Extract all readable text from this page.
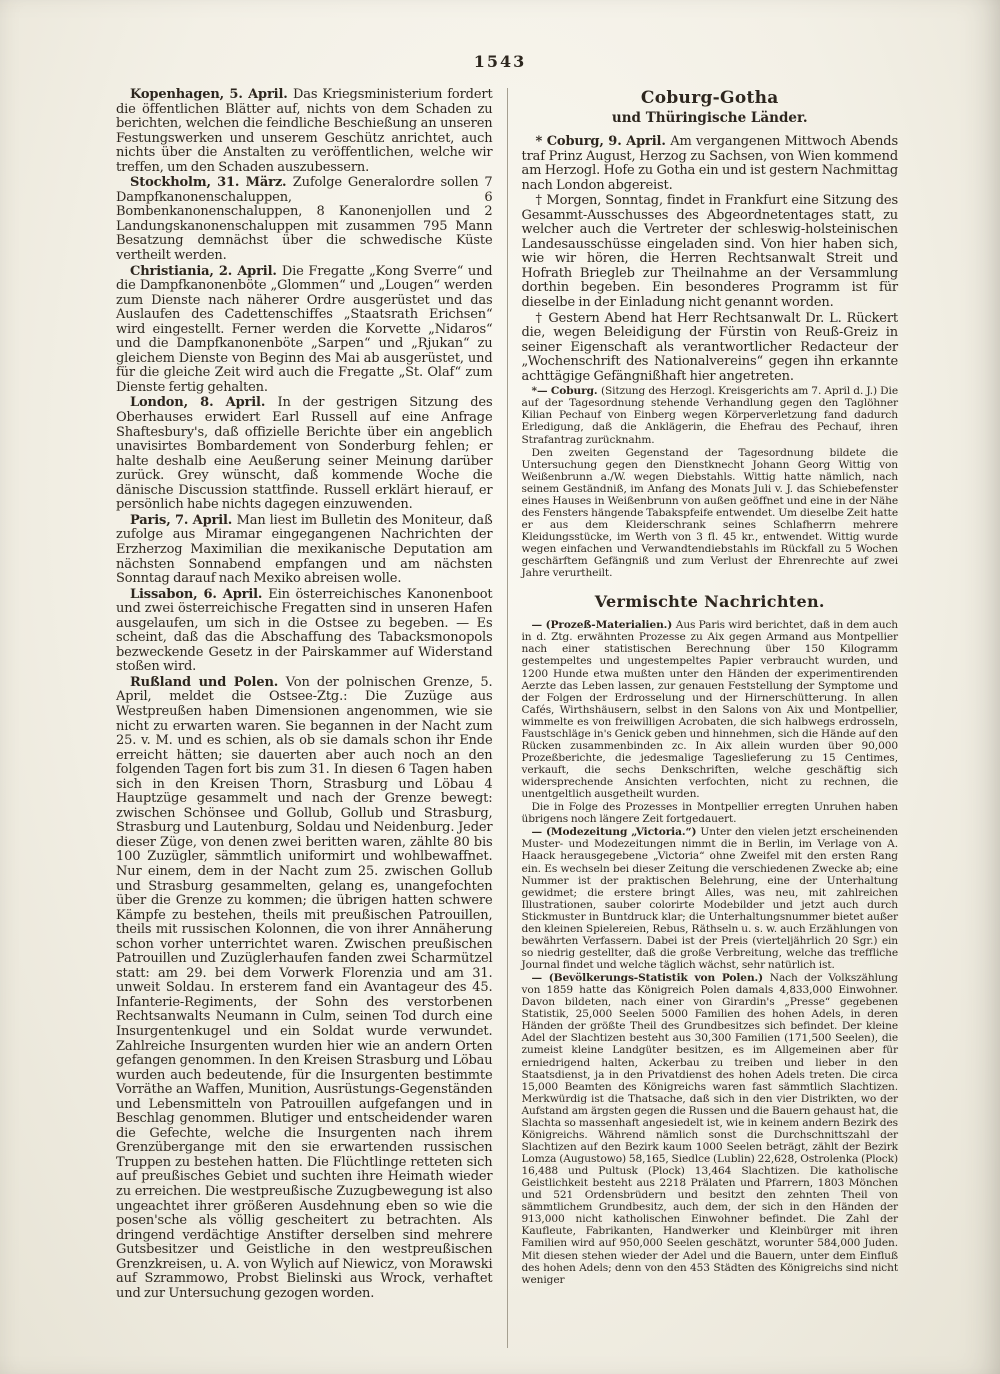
1543

Kopenhagen, 5. April. Das Kriegsministerium fordert die öffentlichen Blätter auf, nichts von dem Schaden zu berichten, welchen die feindliche Beschießung an unseren Festungswerken und unserem Geschütz anrichtet, auch nichts über die Anstalten zu veröffentlichen, welche wir treffen, um den Schaden auszubessern.

Stockholm, 31. März. Zufolge Generalordre sollen 7 Dampfkanonenschaluppen, 6 Bombenkanonenschaluppen, 8 Kanonenjollen und 2 Landungskanonenschaluppen mit zusammen 795 Mann Besatzung demnächst über die schwedische Küste vertheilt werden.

Christiania, 2. April. Die Fregatte „Kong Sverre“ und die Dampfkanonenböte „Glommen“ und „Lougen“ werden zum Dienste nach näherer Ordre ausgerüstet und das Auslaufen des Cadettenschiffes „Staatsrath Erichsen“ wird eingestellt. Ferner werden die Korvette „Nidaros“ und die Dampfkanonenböte „Sarpen“ und „Rjukan“ zu gleichem Dienste von Beginn des Mai ab ausgerüstet, und für die gleiche Zeit wird auch die Fregatte „St. Olaf“ zum Dienste fertig gehalten.

London, 8. April. In der gestrigen Sitzung des Oberhauses erwidert Earl Russell auf eine Anfrage Shaftesbury's, daß offizielle Berichte über ein angeblich unavisirtes Bombardement von Sonderburg fehlen; er halte deshalb eine Aeußerung seiner Meinung darüber zurück. Grey wünscht, daß kommende Woche die dänische Discussion stattfinde. Russell erklärt hierauf, er persönlich habe nichts dagegen einzuwenden.

Paris, 7. April. Man liest im Bulletin des Moniteur, daß zufolge aus Miramar eingegangenen Nachrichten der Erzherzog Maximilian die mexikanische Deputation am nächsten Sonnabend empfangen und am nächsten Sonntag darauf nach Mexiko abreisen wolle.

Lissabon, 6. April. Ein österreichisches Kanonenboot und zwei österreichische Fregatten sind in unseren Hafen ausgelaufen, um sich in die Ostsee zu begeben. — Es scheint, daß das die Abschaffung des Tabacksmonopols bezweckende Gesetz in der Pairskammer auf Widerstand stoßen wird.

Rußland und Polen. Von der polnischen Grenze, 5. April, meldet die Ostsee-Ztg.: Die Zuzüge aus Westpreußen haben Dimensionen angenommen, wie sie nicht zu erwarten waren. Sie begannen in der Nacht zum 25. v. M. und es schien, als ob sie damals schon ihr Ende erreicht hätten; sie dauerten aber auch noch an den folgenden Tagen fort bis zum 31. In diesen 6 Tagen haben sich in den Kreisen Thorn, Strasburg und Löbau 4 Hauptzüge gesammelt und nach der Grenze bewegt: zwischen Schönsee und Gollub, Gollub und Strasburg, Strasburg und Lautenburg, Soldau und Neidenburg. Jeder dieser Züge, von denen zwei beritten waren, zählte 80 bis 100 Zuzügler, sämmtlich uniformirt und wohlbewaffnet. Nur einem, dem in der Nacht zum 25. zwischen Gollub und Strasburg gesammelten, gelang es, unangefochten über die Grenze zu kommen; die übrigen hatten schwere Kämpfe zu bestehen, theils mit preußischen Patrouillen, theils mit russischen Kolonnen, die von ihrer Annäherung schon vorher unterrichtet waren. Zwischen preußischen Patrouillen und Zuzüglerhaufen fanden zwei Scharmützel statt: am 29. bei dem Vorwerk Florenzia und am 31. unweit Soldau. In ersterem fand ein Avantageur des 45. Infanterie-Regiments, der Sohn des verstorbenen Rechtsanwalts Neumann in Culm, seinen Tod durch eine Insurgentenkugel und ein Soldat wurde verwundet. Zahlreiche Insurgenten wurden hier wie an andern Orten gefangen genommen. In den Kreisen Strasburg und Löbau wurden auch bedeutende, für die Insurgenten bestimmte Vorräthe an Waffen, Munition, Ausrüstungs-Gegenständen und Lebensmitteln von Patrouillen aufgefangen und in Beschlag genommen. Blutiger und entscheidender waren die Gefechte, welche die Insurgenten nach ihrem Grenzübergange mit den sie erwartenden russischen Truppen zu bestehen hatten. Die Flüchtlinge retteten sich auf preußisches Gebiet und suchten ihre Heimath wieder zu erreichen. Die westpreußische Zuzugbewegung ist also ungeachtet ihrer größeren Ausdehnung eben so wie die posen'sche als völlig gescheitert zu betrachten. Als dringend verdächtige Anstifter derselben sind mehrere Gutsbesitzer und Geistliche in den westpreußischen Grenzkreisen, u. A. von Wylich auf Niewicz, von Morawski auf Szrammowo, Probst Bielinski aus Wrock, verhaftet und zur Untersuchung gezogen worden.

Coburg-Gotha
und Thüringische Länder.

* Coburg, 9. April. Am vergangenen Mittwoch Abends traf Prinz August, Herzog zu Sachsen, von Wien kommend am Herzogl. Hofe zu Gotha ein und ist gestern Nachmittag nach London abgereist.

† Morgen, Sonntag, findet in Frankfurt eine Sitzung des Gesammt-Ausschusses des Abgeordnetentages statt, zu welcher auch die Vertreter der schleswig-holsteinischen Landesausschüsse eingeladen sind. Von hier haben sich, wie wir hören, die Herren Rechtsanwalt Streit und Hofrath Briegleb zur Theilnahme an der Versammlung dorthin begeben. Ein besonderes Programm ist für dieselbe in der Einladung nicht genannt worden.

† Gestern Abend hat Herr Rechtsanwalt Dr. L. Rückert die, wegen Beleidigung der Fürstin von Reuß-Greiz in seiner Eigenschaft als verantwortlicher Redacteur der „Wochenschrift des Nationalvereins“ gegen ihn erkannte achttägige Gefängnißhaft hier angetreten.

*— Coburg. (Sitzung des Herzogl. Kreisgerichts am 7. April d. J.) Die auf der Tagesordnung stehende Verhandlung gegen den Taglöhner Kilian Pechauf von Einberg wegen Körperverletzung fand dadurch Erledigung, daß die Anklägerin, die Ehefrau des Pechauf, ihren Strafantrag zurücknahm.

Den zweiten Gegenstand der Tagesordnung bildete die Untersuchung gegen den Dienstknecht Johann Georg Wittig von Weißenbrunn a./W. wegen Diebstahls. Wittig hatte nämlich, nach seinem Geständniß, im Anfang des Monats Juli v. J. das Schiebefenster eines Hauses in Weißenbrunn von außen geöffnet und eine in der Nähe des Fensters hängende Tabakspfeife entwendet. Um dieselbe Zeit hatte er aus dem Kleiderschrank seines Schlafherrn mehrere Kleidungsstücke, im Werth von 3 fl. 45 kr., entwendet. Wittig wurde wegen einfachen und Verwandtendiebstahls im Rückfall zu 5 Wochen geschärftem Gefängniß und zum Verlust der Ehrenrechte auf zwei Jahre verurtheilt.

Vermischte Nachrichten.

— (Prozeß-Materialien.) Aus Paris wird berichtet, daß in dem auch in d. Ztg. erwähnten Prozesse zu Aix gegen Armand aus Montpellier nach einer statistischen Berechnung über 150 Kilogramm gestempeltes und ungestempeltes Papier verbraucht wurden, und 1200 Hunde etwa mußten unter den Händen der experimentirenden Aerzte das Leben lassen, zur genauen Feststellung der Symptome und der Folgen der Erdrosselung und der Hirnerschütterung. In allen Cafés, Wirthshäusern, selbst in den Salons von Aix und Montpellier, wimmelte es von freiwilligen Acrobaten, die sich halbwegs erdrosseln, Faustschläge in's Genick geben und hinnehmen, sich die Hände auf den Rücken zusammenbinden zc. In Aix allein wurden über 90,000 Prozeßberichte, die jedesmalige Tageslieferung zu 15 Centimes, verkauft, die sechs Denkschriften, welche geschäftig sich widersprechende Ansichten verfochten, nicht zu rechnen, die unentgeltlich ausgetheilt wurden.

Die in Folge des Prozesses in Montpellier erregten Unruhen haben übrigens noch längere Zeit fortgedauert.

— (Modezeitung „Victoria.“) Unter den vielen jetzt erscheinenden Muster- und Modezeitungen nimmt die in Berlin, im Verlage von A. Haack herausgegebene „Victoria“ ohne Zweifel mit den ersten Rang ein. Es wechseln bei dieser Zeitung die verschiedenen Zwecke ab; eine Nummer ist der praktischen Belehrung, eine der Unterhaltung gewidmet; die erstere bringt Alles, was neu, mit zahlreichen Illustrationen, sauber colorirte Modebilder und jetzt auch durch Stickmuster in Buntdruck klar; die Unterhaltungsnummer bietet außer den kleinen Spielereien, Rebus, Räthseln u. s. w. auch Erzählungen von bewährten Verfassern. Dabei ist der Preis (vierteljährlich 20 Sgr.) ein so niedrig gestellter, daß die große Verbreitung, welche das treffliche Journal findet und welche täglich wächst, sehr natürlich ist.

— (Bevölkerungs-Statistik von Polen.) Nach der Volkszählung von 1859 hatte das Königreich Polen damals 4,833,000 Einwohner. Davon bildeten, nach einer von Girardin's „Presse“ gegebenen Statistik, 25,000 Seelen 5000 Familien des hohen Adels, in deren Händen der größte Theil des Grundbesitzes sich befindet. Der kleine Adel der Slachtizen besteht aus 30,300 Familien (171,500 Seelen), die zumeist kleine Landgüter besitzen, es im Allgemeinen aber für erniedrigend halten, Ackerbau zu treiben und lieber in den Staatsdienst, ja in den Privatdienst des hohen Adels treten. Die circa 15,000 Beamten des Königreichs waren fast sämmtlich Slachtizen. Merkwürdig ist die Thatsache, daß sich in den vier Distrikten, wo der Aufstand am ärgsten gegen die Russen und die Bauern gehaust hat, die Slachta so massenhaft angesiedelt ist, wie in keinem andern Bezirk des Königreichs. Während nämlich sonst die Durchschnittszahl der Slachtizen auf den Bezirk kaum 1000 Seelen beträgt, zählt der Bezirk Lomza (Augustowo) 58,165, Siedlce (Lublin) 22,628, Ostrolenka (Plock) 16,488 und Pultusk (Plock) 13,464 Slachtizen. Die katholische Geistlichkeit besteht aus 2218 Prälaten und Pfarrern, 1803 Mönchen und 521 Ordensbrüdern und besitzt den zehnten Theil von sämmtlichem Grundbesitz, auch dem, der sich in den Händen der 913,000 nicht katholischen Einwohner befindet. Die Zahl der Kaufleute, Fabrikanten, Handwerker und Kleinbürger mit ihren Familien wird auf 950,000 Seelen geschätzt, worunter 584,000 Juden. Mit diesen stehen wieder der Adel und die Bauern, unter dem Einfluß des hohen Adels; denn von den 453 Städten des Königreichs sind nicht weniger
